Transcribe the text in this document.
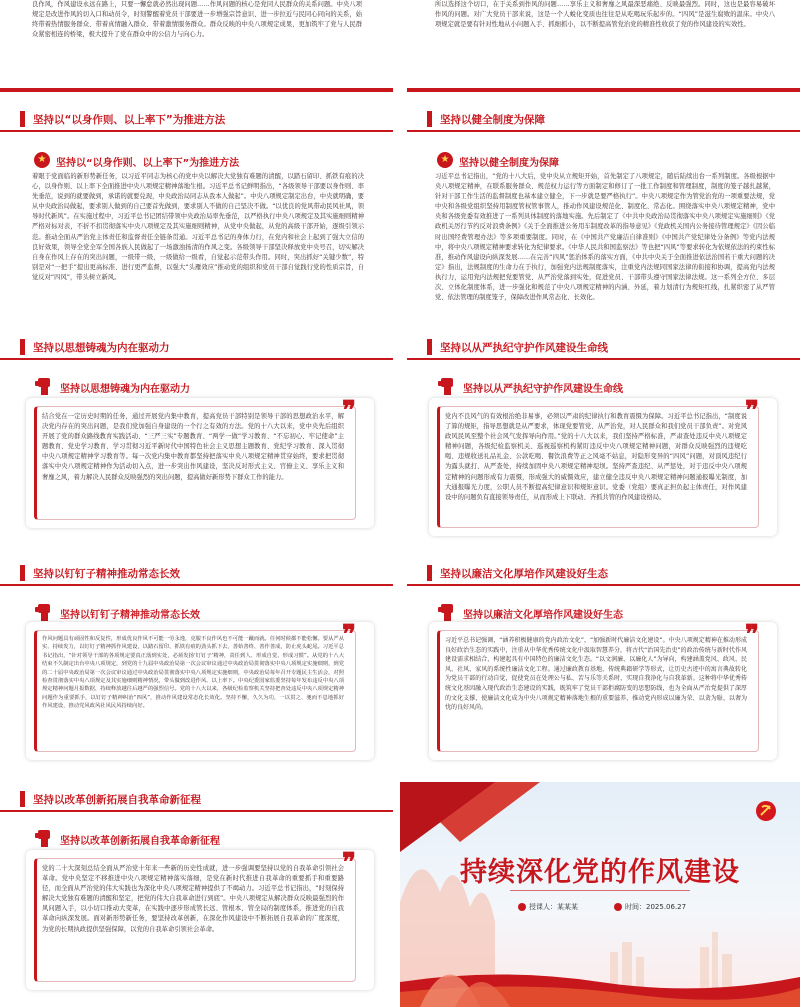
良作风，作风建设永远在路上，只要一懈怠就必然出现问题……作风问题的核心是党同人民群众的关系问题。中央八项规定是改进作风的切入口和动员令，时刻警醒着党员干部要进一步增强宗旨意识、进一步拉近与民同心同向的关系，始终带着热情服务群众、带着真情融入群众、带着激情服务群众。群众反映的中央八项规定成果，更加筑牢了党与人民群众紧密相连的桥梁，极大提升了党在群众中的公信力与向心力。

所以选择这个切口，在于关系到作风的问题……享乐主义和奢靡之风最深恶痛绝、反映最强烈。同时，这也是最容易破坏作风的问题。对广大党员干部来说，这是一个人蜕化变质也往往是从吃喝玩乐起步的。“四风”是滋生腐败的温床。中央八项规定就是要有针对性地从小问题入手、抓细抓小，以不断提高管党治党的精准性收获了党的作风建设的实效性。

坚持以“以身作则、以上率下”为推进方法
★ 坚持以“以身作则、以上率下”为推进方法

着眼于党面临的新形势新任务，以习近平同志为核心的党中央以解决大党独有难题的清醒，以踏石留印、抓铁有痕的决心，以身作则、以上率下全面推进中央八项规定精神落地生根。习近平总书记鲜明指出，“各级领导干部要以身作则、率先垂范，说到的就要做到，承诺的就要兑现，中央政治局同志从我本人做起”。中央八项规定制定出台，中央就明确，要从中央政治局做起，要求别人做到的自己要首先做到，要求别人不做的自己坚决不做。“以优良的党风带动民风社风，领导时代新风”。在实施过程中，习近平总书记团结带领中央政治局率先垂范，以严格执行中央八项规定及其实施细则精神严格对标对表，不折不扣贯彻落实中央八项规定及其实施细则精神，从党中央做起，从党的高级干部开始，逐级引领示范。推动全面从严治党主体责任和监督责任全链条贯通。习近平总书记的身体力行，在党内和社会上起到了强大立信的良好效果，领导全党全军全国各族人民做起了一场激浊扬清的作风之变。各级领导干部坚决释放党中央号召，切实解决自身在作风上存在的突出问题，一级带一级，一级做给一级看，自觉起示范带头作用。同时，突出抓好“关键少数”，特别是对“一把手”提出更高标准、进行更严监督，以强大“头雁效应”推动党的组织和党员干部自觉践行党的性质宗旨，自觉反对“四风”，带头树立新风。

坚持以健全制度为保障
★ 坚持以健全制度为保障

习近平总书记指出，“党的十八大后，党中央从立规矩开始，首先制定了八项规定，随后陆续出台一系列制度。各级根据中央八项规定精神，在联系服务群众、规范权力运行等方面制定和修订了一批工作制度和管理制度，制度的笼子越扎越紧，针对干部工作生活的监督制度也基本建立健全，下一步就是要严格执行”。中央八项规定作为管党治党的一项重要法规，党中央和各级党组织坚持用制度管权管事管人，推动作风建设规范化、制度化、常态化。围绕落实中央八项规定精神，党中央和各级党委有效推进了一系列具体制度的落地实施。先后制定了《中共中央政治局贯彻落实中央八项规定实施细则》《党政机关厉行节约反对浪费条例》《关于全面推进公务用车制度改革的指导意见》《党政机关国内公务接待管理规定》《因公临时出国经费管理办法》等多项重要制度。同时，在《中国共产党廉洁自律准则》《中国共产党纪律处分条例》等党内法规中，将中央八项规定精神要求转化为纪律要求。《中华人民共和国监察法》等也把“四风”等要求转化为依规依法的约束性标准，推动作风建设向纵深发展……在完善“四风”惩治体系的落实方面，《中共中央关于全面推进依法治国若干重大问题的决定》指出，法规制度的生命力在于执行，加强党内法规制度落实，注重党内法规同国家法律的衔接和协调，提高党内法规执行力，运用党内法规把党要管党、从严治党落到实处，促进党员、干部带头遵守国家法律法规。这一系列全方位、多层次、立体化制度体系，进一步强化和规范了中央八项规定精神的内涵、外延，着力划清行为规矩红线，扎紧织密了从严管党、依法管理的制度笼子，保障改进作风常态化、长效化。

坚持以思想铸魂为内在驱动力
坚持以思想铸魂为内在驱动力
❞

结合党在一定历史时期的任务，通过开展党内集中教育，提高党员干部特别是领导干部的思想政治水平，解决党内存在的突出问题，是我们党加强自身建设的一个行之有效的方法。党的十八大以来，党中央先后组织开展了党的群众路线教育实践活动、“三严三实”专题教育、“两学一做”学习教育、“不忘初心、牢记使命”主题教育、党史学习教育、学习贯彻习近平新时代中国特色社会主义思想主题教育、党纪学习教育、深入贯彻中央八项规定精神学习教育等。每一次党内集中教育都坚持把落实中央八项规定精神贯穿始终，要求把贯彻落实中央八项规定精神作为活动切入点，进一步突出作风建设，坚决反对形式主义、官僚主义、享乐主义和奢靡之风，着力解决人民群众反映强烈的突出问题，提高做好新形势下群众工作的能力。

坚持以从严执纪守护作风建设生命线
坚持以从严执纪守护作风建设生命线
❞

党内不良风气的有效根治绝非易事，必须以严肃的纪律执行和教育震慑为保障。习近平总书记指出，“制度说了算的规矩，指导思想就是从严要求，体现党要管党、从严治党，对人民群众和我们党员干部负责”。对党风政风民风至整个社会风气发挥导向作用。”党的十八大以来，我们坚持严格标准，严肃查处违反中央八项规定精神问题，各级纪检监察机关、巡视巡察机构紧盯违反中央八项规定精神问题，对群众反映强烈的违规吃喝、违规收送礼品礼金、公款吃喝、餐饮浪费等正之风毫不姑息，对隐形变异的“四风”问题，对顶风违纪行为露头就打、从严查处，持续加固中央八项规定精神堤坝。坚持严查违纪、从严惩处，对于违反中央八项规定精神的问题形成有力震慑，形成强大的威慑效应，建立健全违反中央八项规定精神问题通报曝光制度，加大通报曝光力度，公职人员不断提高纪律意识和规矩意识。党委（党组）要真正担负起主体责任，对作风建设中的问题负有直接领导责任，从而形成上下联动、齐抓共管的作风建设格局。

坚持以钉钉子精神推动常态长效
坚持以钉钉子精神推动常态长效
❞

作风问题具有顽固性和反复性，形成优良作风不可能一劳永逸，克服不良作风也不可能一蹴而就。任何时候都不能松懈。要从严从实、持续发力，以钉钉子精神抓作风建设，以踏石留印、抓铁有痕的劲头抓下去，善始善终、善作善成，防止虎头蛇尾。习近平总书记指出，“针对领导干部的各项规定要真正落到实处，必须发扬‘钉钉子’精神，责任到人、形成自觉、形成习惯”。从党的十八大结束不久制定出台中央八项规定，到党的十九届中央政治局第一次会议审议通过中央政治局贯彻落实中央八项规定实施细则，到党的二十届中央政治局第一次会议审议通过中央政治局贯彻落实中央八项规定实施细则，中央政治局每年召开专题民主生活会，对照检查贯彻落实中央八项规定及其实施细则精神情况，带头做到改进作风、以上率下。中央纪委国家监委坚持每年发布违反中央八项规定精神问题月报数据，持续释放越往后越严的强烈信号。党的十八大以来，各级纪检监察机关坚持把查处违反中央八项规定精神问题作为重要抓手，以钉钉子精神纠治“四风”，推动作风建设常态化长效化。坚持不懈，久久为功，一以贯之、驰而不息地抓好作风建设，推动党风政风社风民风持续向好。

坚持以廉洁文化厚培作风建设好生态
坚持以廉洁文化厚培作风建设好生态
❞

习近平总书记强调，“涵养积极健康的党内政治文化”，“加强新时代廉洁文化建设”。中央八项规定精神在推动形成良好政治生态的实践中，注重从中华优秀传统文化中汲取智慧养分，将古代“治国先治吏”的政治传统与新时代作风建设需求相结合，构建起具有中国特色的廉洁文化生态。“以文润廉、以廉化人”为导向，构建涵盖党风、政风、民风、社风、家风的系统性廉洁文化工程。通过廉政教育基地、传统典籍研学等形式，让历史古迹中的寓言典故转化为党员干部的行动自觉，促使党员在处理公与私、苦与乐等关系时，实现自我净化与自我革新。这种将中华优秀传统文化基因融入现代政治生态建设的实践，既筑牢了党员干部拒腐防变的思想防线，也为全面从严治党提供了深厚的文化支撑，使廉洁文化成为中央八项规定精神落地生根的重要滋养，推动党内形成以廉为荣、以贪为耻、以奢为忧的良好风尚。

坚持以改革创新拓展自我革命新征程
坚持以改革创新拓展自我革命新征程
❞

党的二十大深刻总结全面从严治党十年来一些新的历史性成就，进一步强调要坚持以党的自我革命引领社会革命。党中央坚定不移推进中央八项规定精神落实落细，是党在新时代推进自我革命的重要抓手和重要路径，而全面从严治党的伟大实践也为深化中央八项规定精神提供了不竭动力。习近平总书记指出，“时刻保持解决大党独有难题的清醒和坚定，把党的伟大自我革命进行到底”。中央八项规定从解决群众反映最强烈的作风问题入手，以小切口推动大变革，在实践中逐步形成管长远、管根本、管全局的制度体系，推进党的自我革命向纵深发展。面对新形势新任务，要坚持改革创新，在深化作风建设中不断拓展自我革命的广度深度，为党的长期执政提供坚强保障，以党的自我革命引领社会革命。

持续深化党的作风建设
授课人：某某某	时间：2025.06.27
